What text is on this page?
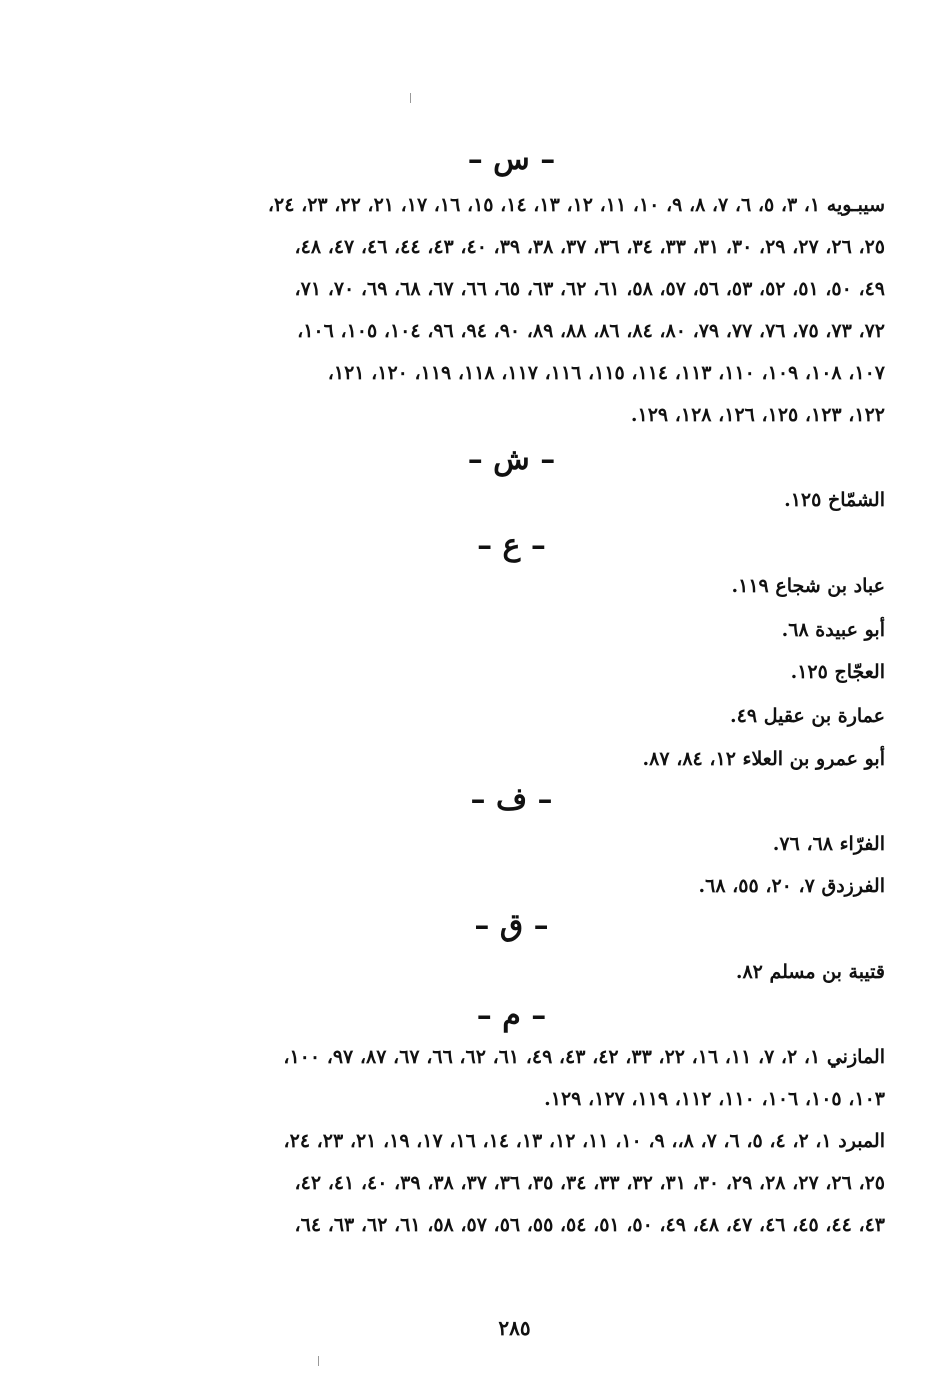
– س –
سيبـويه ١، ٣، ٥، ٦، ٧، ٨، ٩، ١٠، ١١، ١٢، ١٣، ١٤، ١٥، ١٦، ١٧، ٢١، ٢٢، ٢٣، ٢٤،
٢٥، ٢٦، ٢٧، ٢٩، ٣٠، ٣١، ٣٣، ٣٤، ٣٦، ٣٧، ٣٨، ٣٩، ٤٠، ٤٣، ٤٤، ٤٦، ٤٧، ٤٨،
٤٩، ٥٠، ٥١، ٥٢، ٥٣، ٥٦، ٥٧، ٥٨، ٦١، ٦٢، ٦٣، ٦٥، ٦٦، ٦٧، ٦٨، ٦٩، ٧٠، ٧١،
٧٢، ٧٣، ٧٥، ٧٦، ٧٧، ٧٩، ٨٠، ٨٤، ٨٦، ٨٨، ٨٩، ٩٠، ٩٤، ٩٦، ١٠٤، ١٠٥، ١٠٦،
١٠٧، ١٠٨، ١٠٩، ١١٠، ١١٣، ١١٤، ١١٥، ١١٦، ١١٧، ١١٨، ١١٩، ١٢٠، ١٢١،
١٢٢، ١٢٣، ١٢٥، ١٢٦، ١٢٨، ١٢٩.
– ش –
الشمّاخ ١٢٥.
– ع –
عباد بن شجاع ١١٩.
أبو عبيدة ٦٨.
العجّاج ١٢٥.
عمارة بن عقيل ٤٩.
أبو عمرو بن العلاء ١٢، ٨٤، ٨٧.
– ف –
الفرّاء ٦٨، ٧٦.
الفرزدق ٧، ٢٠، ٥٥، ٦٨.
– ق –
قتيبة بن مسلم ٨٢.
– م –
المازني ١، ٢، ٧، ١١، ١٦، ٢٢، ٣٣، ٤٢، ٤٣، ٤٩، ٦١، ٦٢، ٦٦، ٦٧، ٨٧، ٩٧، ١٠٠،
١٠٣، ١٠٥، ١٠٦، ١١٠، ١١٢، ١١٩، ١٢٧، ١٢٩.
المبرد ١، ٢، ٤، ٥، ٦، ٧، ٨،، ٩، ١٠، ١١، ١٢، ١٣، ١٤، ١٦، ١٧، ١٩، ٢١، ٢٣، ٢٤،
٢٥، ٢٦، ٢٧، ٢٨، ٢٩، ٣٠، ٣١، ٣٢، ٣٣، ٣٤، ٣٥، ٣٦، ٣٧، ٣٨، ٣٩، ٤٠، ٤١، ٤٢،
٤٣، ٤٤، ٤٥، ٤٦، ٤٧، ٤٨، ٤٩، ٥٠، ٥١، ٥٤، ٥٥، ٥٦، ٥٧، ٥٨، ٦١، ٦٢، ٦٣، ٦٤،
٢٨٥
